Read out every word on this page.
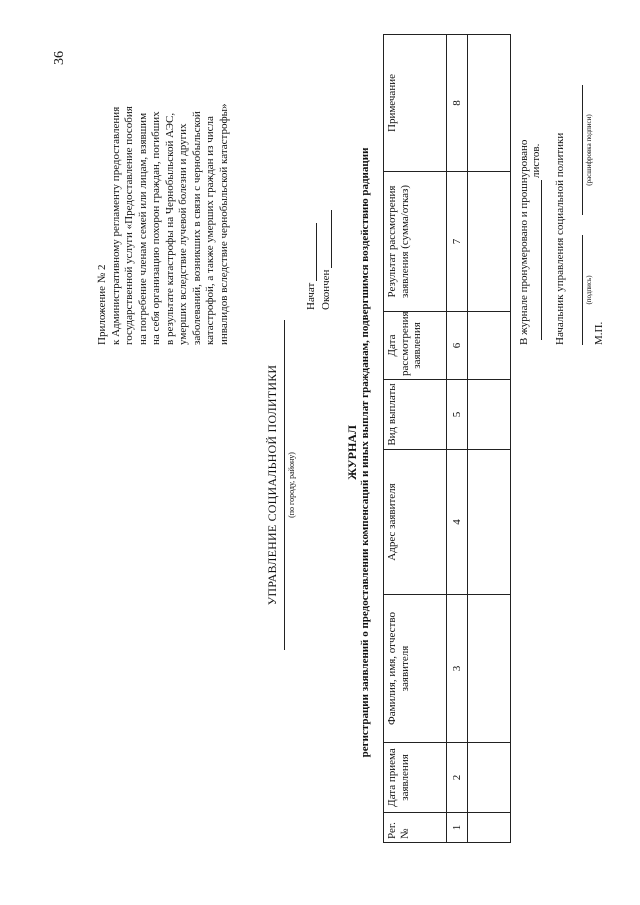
36
Приложение № 2
к Административному регламенту предоставления
государственной услуги «Предоставление пособия
на погребение членам семей или лицам, взявшим
на себя организацию похорон граждан, погибших
в результате катастрофы на Чернобыльской АЭС,
умерших вследствие лучевой болезни и других
заболеваний, возникших в связи с чернобыльской
катастрофой, а также умерших граждан из числа
инвалидов вследствие чернобыльской катастрофы»
УПРАВЛЕНИЕ СОЦИАЛЬНОЙ ПОЛИТИКИ (по городу, району)
Начат Окончен
ЖУРНАЛ регистрации заявлений о предоставлении компенсаций и иных выплат гражданам, подвергшимся воздействию радиации
Рег. №	Дата приема заявления	Фамилия, имя, отчество заявителя	Адрес заявителя	Вид выплаты	Дата рассмотрения заявления	Результат рассмотрения заявления (сумма/отказ)	Примечание
1	2	3	4	5	6	7	8

В журнале пронумеровано и прошнуровано листов. Начальник управления социальной политики	(подпись)
(расшифровка подписи)
М.П.
